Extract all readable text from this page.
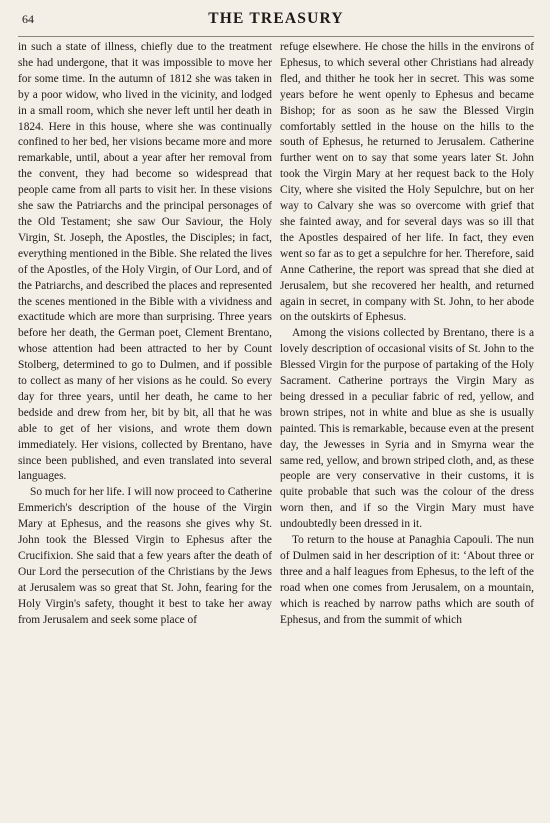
64	THE TREASURY

in such a state of illness, chiefly due to the treatment she had undergone, that it was impossible to move her for some time. In the autumn of 1812 she was taken in by a poor widow, who lived in the vicinity, and lodged in a small room, which she never left until her death in 1824. Here in this house, where she was continually confined to her bed, her visions became more and more remarkable, until, about a year after her removal from the convent, they had become so widespread that people came from all parts to visit her. In these visions she saw the Patriarchs and the principal personages of the Old Testament; she saw Our Saviour, the Holy Virgin, St. Joseph, the Apostles, the Disciples; in fact, everything mentioned in the Bible. She related the lives of the Apostles, of the Holy Virgin, of Our Lord, and of the Patriarchs, and described the places and represented the scenes mentioned in the Bible with a vividness and exactitude which are more than surprising. Three years before her death, the German poet, Clement Brentano, whose attention had been attracted to her by Count Stolberg, determined to go to Dulmen, and if possible to collect as many of her visions as he could. So every day for three years, until her death, he came to her bedside and drew from her, bit by bit, all that he was able to get of her visions, and wrote them down immediately. Her visions, collected by Brentano, have since been published, and even translated into several languages.

So much for her life. I will now proceed to Catherine Emmerich's description of the house of the Virgin Mary at Ephesus, and the reasons she gives why St. John took the Blessed Virgin to Ephesus after the Crucifixion. She said that a few years after the death of Our Lord the persecution of the Christians by the Jews at Jerusalem was so great that St. John, fearing for the Holy Virgin's safety, thought it best to take her away from Jerusalem and seek some place of

refuge elsewhere. He chose the hills in the environs of Ephesus, to which several other Christians had already fled, and thither he took her in secret. This was some years before he went openly to Ephesus and became Bishop; for as soon as he saw the Blessed Virgin comfortably settled in the house on the hills to the south of Ephesus, he returned to Jerusalem. Catherine further went on to say that some years later St. John took the Virgin Mary at her request back to the Holy City, where she visited the Holy Sepulchre, but on her way to Calvary she was so overcome with grief that she fainted away, and for several days was so ill that the Apostles despaired of her life. In fact, they even went so far as to get a sepulchre for her. Therefore, said Anne Catherine, the report was spread that she died at Jerusalem, but she recovered her health, and returned again in secret, in company with St. John, to her abode on the outskirts of Ephesus.

Among the visions collected by Brentano, there is a lovely description of occasional visits of St. John to the Blessed Virgin for the purpose of partaking of the Holy Sacrament. Catherine portrays the Virgin Mary as being dressed in a peculiar fabric of red, yellow, and brown stripes, not in white and blue as she is usually painted. This is remarkable, because even at the present day, the Jewesses in Syria and in Smyrna wear the same red, yellow, and brown striped cloth, and, as these people are very conservative in their customs, it is quite probable that such was the colour of the dress worn then, and if so the Virgin Mary must have undoubtedly been dressed in it.

To return to the house at Panaghia Capouli. The nun of Dulmen said in her description of it: ‘About three or three and a half leagues from Ephesus, to the left of the road when one comes from Jerusalem, on a mountain, which is reached by narrow paths which are south of Ephesus, and from the summit of which
